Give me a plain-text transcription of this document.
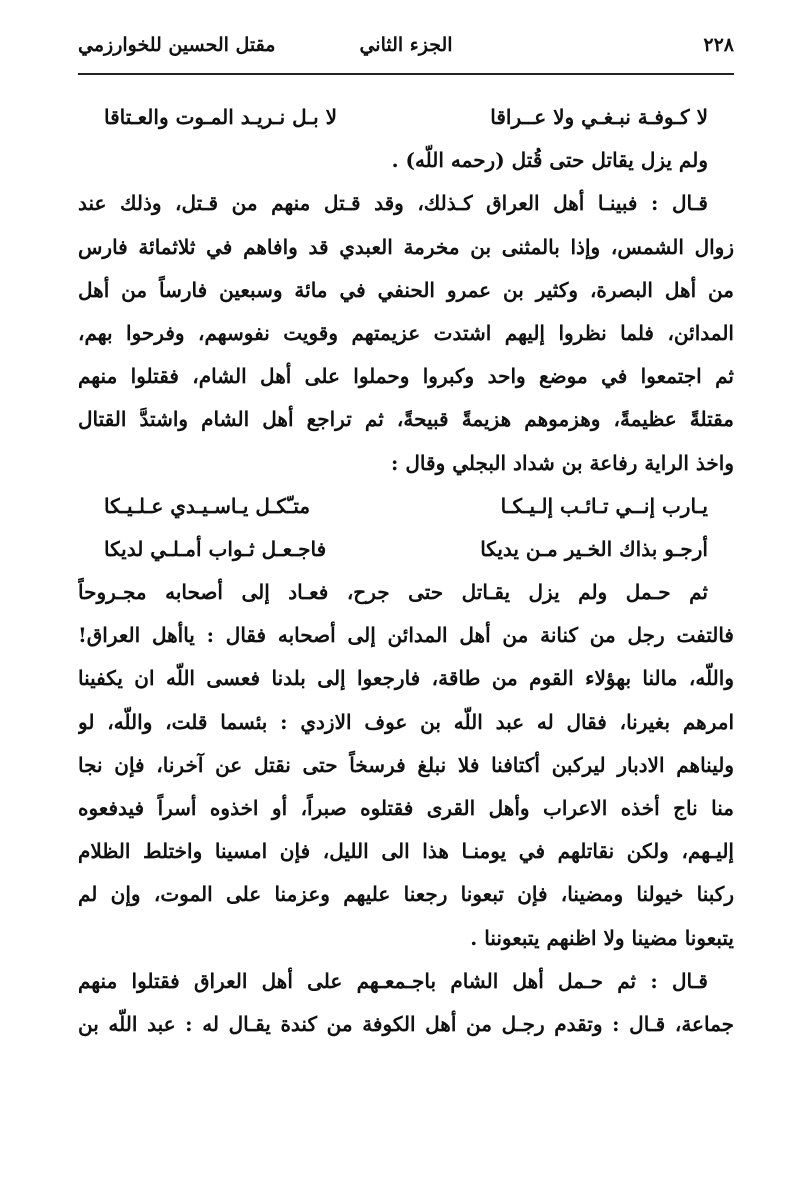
٢٢٨
الجزء الثاني
مقتل الحسين للخوارزمي
لا كـوفـة نبـغـي ولا عــراقا
لا بـل نـريـد المـوت والعـتاقا
ولم يزل يقاتل حتى قُتل (رحمه اللّه) .
قـال : فبينـا أهل العراق كـذلك، وقد قـتل منهم من قـتل، وذلك عند
زوال الشمس، وإذا بالمثنى بن مخرمة العبدي قد وافاهم في ثلاثمائة فارس
من أهل البصرة، وكثير بن عمرو الحنفي في مائة وسبعين فارساً من أهل
المدائن، فلما نظروا إليهم اشتدت عزيمتهم وقويت نفوسهم، وفرحوا بهم،
ثم اجتمعوا في موضع واحد وكبروا وحملوا على أهل الشام، فقتلوا منهم
مقتلةً عظيمةً، وهزموهم هزيمةً قبيحةً، ثم تراجع أهل الشام واشتدَّ القتال
واخذ الراية رفاعة بن شداد البجلي وقال :
يـارب إنــي تـائـب إلـيـكـا
متـّكـل يـاسـيـدي عـلـيـكا
أرجـو بذاك الخـير مـن يديكا
فاجـعـل ثـواب أمـلـي لديكا
ثم حـمل ولم يزل يقـاتل حتى جرح، فعـاد إلى أصحابه مجـروحاً
فالتفت رجل من كنانة من أهل المدائن إلى أصحابه فقال : ياأهل العراق!
واللّه، مالنا بهؤلاء القوم من طاقة، فارجعوا إلى بلدنا فعسى اللّه ان يكفينا
امرهم بغيرنا، فقال له عبد اللّه بن عوف الازدي : بئسما قلت، واللّه، لو
وليناهم الادبار ليركبن أكتافنا فلا نبلغ فرسخاً حتى نقتل عن آخرنا، فإن نجا
منا ناج أخذه الاعراب وأهل القرى فقتلوه صبراً، أو اخذوه أسراً فيدفعوه
إليـهم، ولكن نقاتلهم في يومنـا هذا الى الليل، فإن امسينا واختلط الظلام
ركبنا خيولنا ومضينا، فإن تبعونا رجعنا عليهم وعزمنا على الموت، وإن لم
يتبعونا مضينا ولا اظنهم يتبعوننا .
قـال : ثم حـمل أهل الشام باجـمعـهم على أهل العراق فقتلوا منهم
جماعة، قـال : وتقدم رجـل من أهل الكوفة من كندة يقـال له : عبد اللّه بن
